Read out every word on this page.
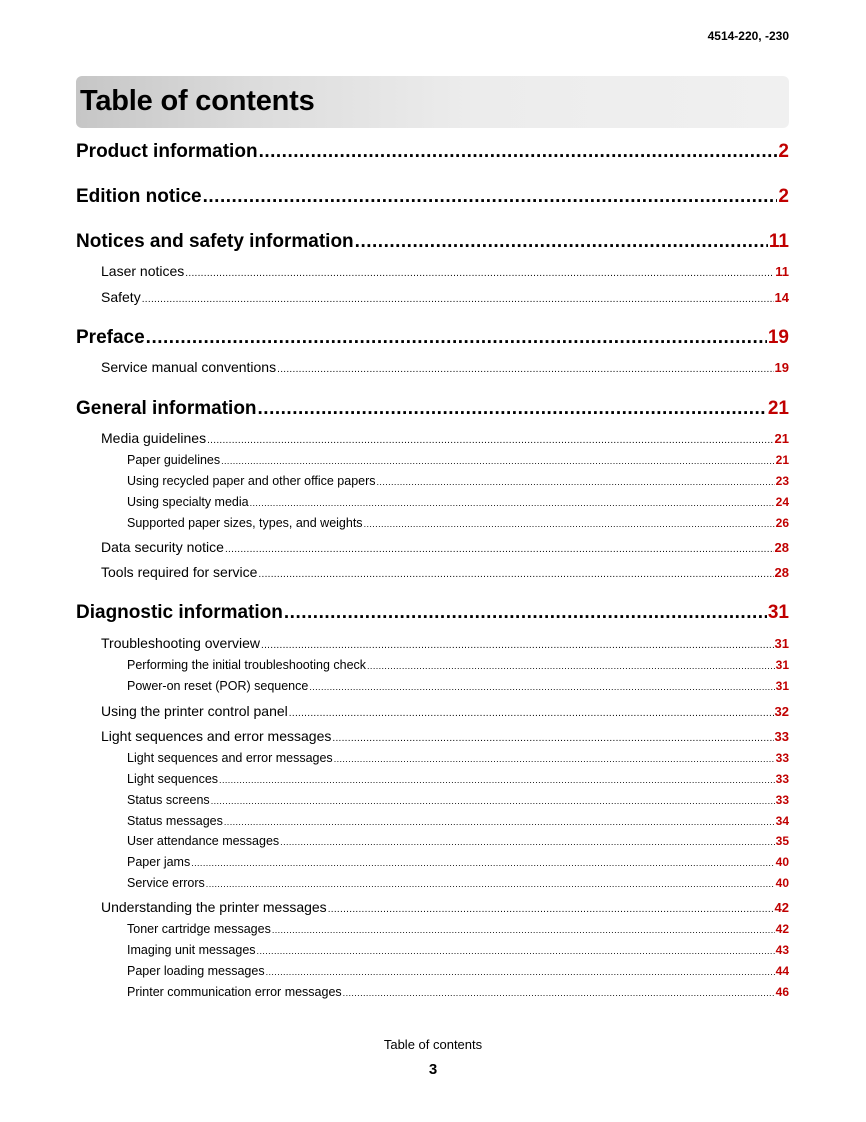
4514-220, -230
Table of contents
Product information .....	2
Edition notice .....	2
Notices and safety information .....	11
Laser notices .....	11
Safety .....	14
Preface .....	19
Service manual conventions .....	19
General information .....	21
Media guidelines .....	21
Paper guidelines .....	21
Using recycled paper and other office papers .....	23
Using specialty media .....	24
Supported paper sizes, types, and weights .....	26
Data security notice .....	28
Tools required for service .....	28
Diagnostic information .....	31
Troubleshooting overview .....	31
Performing the initial troubleshooting check .....	31
Power-on reset (POR) sequence .....	31
Using the printer control panel .....	32
Light sequences and error messages .....	33
Light sequences and error messages .....	33
Light sequences .....	33
Status screens .....	33
Status messages .....	34
User attendance messages .....	35
Paper jams .....	40
Service errors .....	40
Understanding the printer messages .....	42
Toner cartridge messages .....	42
Imaging unit messages .....	43
Paper loading messages .....	44
Printer communication error messages .....	46
Table of contents
3
